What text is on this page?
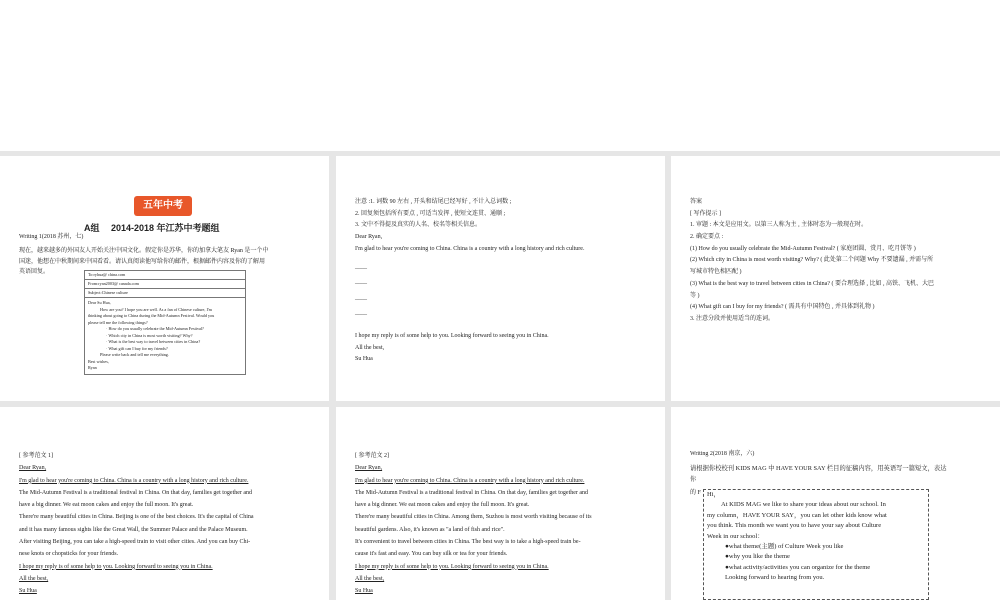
五年中考
A组　 2014-2018 年江苏中考题组
Writing 1(2018 苏州，七)
现在，越来越多的外国友人开始关注中国文化。假定你是苏华，你的加拿大笔友 Ryan 是一个中
国迷，他想在中秋期间来中国看看。请认真阅读他写给你的邮件，根据邮件内容及你的了解用
英语回复。	To:ryhua@ china.com
From:ryan2003@ canada.com
Subject:Chinese culture
Dear Su Hua,
How are you? I hope you are well. As a fan of Chinese culture, I'm
thinking about going to China during the Mid-Autumn Festival. Would you
please tell me the following things?
· How do you usually celebrate the Mid-Autumn Festival?
· Which city in China is most worth visiting? Why?
· What is the best way to travel between cities in China?
· What gift can I buy for my friends?
Please write back and tell me everything.
Best wishes,
Ryan
注意 :1. 词数 90 左右 , 开头和结尾已经写好 , 不计入总词数 ;
2. 回复须包括所有要点 , 可适当发挥 , 使短文连贯、通顺 ;
3. 文中不得提及真实的人名、校名等相关信息。
Dear Ryan,
I'm glad to hear you're coming to China. China is a country with a long history and rich culture.
____
____
____
____
I hope my reply is of some help to you. Looking forward to seeing you in China.
All the best,
Su Hua
答案
[ 写作提示 ]
1. 审题 : 本文是应用文。以第三人称为主 , 主体时态为一般现在时。
2. 确定要点 :
(1) How do you usually celebrate the Mid-Autumn Festival? ( 家庭团圆、赏月、吃月饼等 )
(2) Which city in China is most worth visiting? Why? ( 此处第二个问题 Why 不要遗漏 , 并需与所
写城市特色相匹配 )
(3) What is the best way to travel between cities in China? ( 要合理选择 , 比如 , 高铁、飞机、大巴
等 )
(4) What gift can I buy for my friends? ( 需具有中国特色 , 并具体到礼物 )
3. 注意分段并使用适当的连词。
[ 参考范文 1]
Dear Ryan,
I'm glad to hear you're coming to China. China is a country with a long history and rich culture.
The Mid-Autumn Festival is a traditional festival in China. On that day, families get together and
have a big dinner. We eat moon cakes and enjoy the full moon. It's great.
There're many beautiful cities in China. Beijing is one of the best choices. It's the capital of China
and it has many famous sights like the Great Wall, the Summer Palace and the Palace Museum.
After visiting Beijing, you can take a high-speed train to visit other cities. And you can buy Chi-
nese knots or chopsticks for your friends.
I hope my reply is of some help to you. Looking forward to seeing you in China.
All the best,
Su Hua
[ 参考范文 2]
Dear Ryan,
I'm glad to hear you're coming to China. China is a country with a long history and rich culture.
The Mid-Autumn Festival is a traditional festival in China. On that day, families get together and
have a big dinner. We eat moon cakes and enjoy the full moon. It's great.
There're many beautiful cities in China. Among them, Suzhou is most worth visiting because of its
beautiful gardens. Also, it's known as "a land of fish and rice".
It's convenient to travel between cities in China. The best way is to take a high-speed train be-
cause it's fast and easy. You can buy silk or tea for your friends.
I hope my reply is of some help to you. Looking forward to seeing you in China.
All the best,
Su Hua
Writing 2(2018 南京，六)
请根据你校校刊 KIDS MAG 中 HAVE YOUR SAY 栏目的征稿内容，用英语写一篇短文，表达
你
的 F Hi，
At KIDS MAG we like to share your ideas about our school. In
my column，HAVE YOUR SAY，you can let other kids know what
you think. This month we want you to have your say about Culture
Week in our school：
●what theme(主题) of Culture Week you like
●why you like the theme
●what activity/activities you can organize for the theme
Looking forward to hearing from you.
